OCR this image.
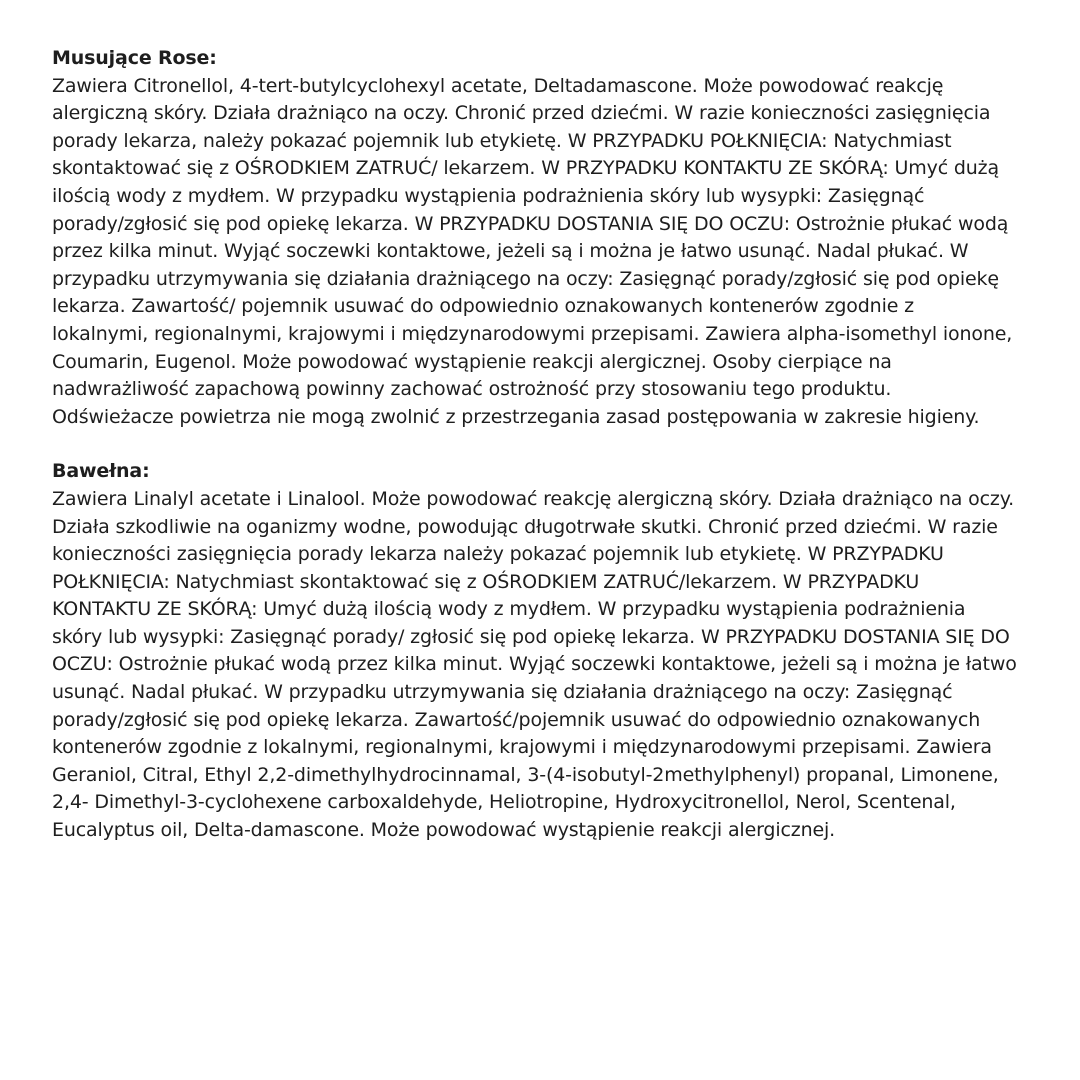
Musujące Rose:

Zawiera Citronellol, 4-tert-butylcyclohexyl acetate, Deltadamascone. Może powodować reakcję
alergiczną skóry. Działa drażniąco na oczy. Chronić przed dziećmi. W razie konieczności zasięgnięcia
porady lekarza, należy pokazać pojemnik lub etykietę. W PRZYPADKU POŁKNIĘCIA: Natychmiast
skontaktować się z OŚRODKIEM ZATRUĆ/ lekarzem. W PRZYPADKU KONTAKTU ZE SKÓRĄ: Umyć dużą
ilością wody z mydłem. W przypadku wystąpienia podrażnienia skóry lub wysypki: Zasięgnąć
porady/zgłosić się pod opiekę lekarza. W PRZYPADKU DOSTANIA SIĘ DO OCZU: Ostrożnie płukać wodą
przez kilka minut. Wyjąć soczewki kontaktowe, jeżeli są i można je łatwo usunąć. Nadal płukać. W
przypadku utrzymywania się działania drażniącego na oczy: Zasięgnąć porady/zgłosić się pod opiekę
lekarza. Zawartość/ pojemnik usuwać do odpowiednio oznakowanych kontenerów zgodnie z
lokalnymi, regionalnymi, krajowymi i międzynarodowymi przepisami. Zawiera alpha-isomethyl ionone,
Coumarin, Eugenol. Może powodować wystąpienie reakcji alergicznej. Osoby cierpiące na
nadwrażliwość zapachową powinny zachować ostrożność przy stosowaniu tego produktu.
Odświeżacze powietrza nie mogą zwolnić z przestrzegania zasad postępowania w zakresie higieny.

Bawełna:

Zawiera Linalyl acetate i Linalool. Może powodować reakcję alergiczną skóry. Działa drażniąco na oczy.
Działa szkodliwie na oganizmy wodne, powodując długotrwałe skutki. Chronić przed dziećmi. W razie
konieczności zasięgnięcia porady lekarza należy pokazać pojemnik lub etykietę. W PRZYPADKU
POŁKNIĘCIA: Natychmiast skontaktować się z OŚRODKIEM ZATRUĆ/lekarzem. W PRZYPADKU
KONTAKTU ZE SKÓRĄ: Umyć dużą ilością wody z mydłem. W przypadku wystąpienia podrażnienia
skóry lub wysypki: Zasięgnąć porady/ zgłosić się pod opiekę lekarza. W PRZYPADKU DOSTANIA SIĘ DO
OCZU: Ostrożnie płukać wodą przez kilka minut. Wyjąć soczewki kontaktowe, jeżeli są i można je łatwo
usunąć. Nadal płukać. W przypadku utrzymywania się działania drażniącego na oczy: Zasięgnąć
porady/zgłosić się pod opiekę lekarza. Zawartość/pojemnik usuwać do odpowiednio oznakowanych
kontenerów zgodnie z lokalnymi, regionalnymi, krajowymi i międzynarodowymi przepisami. Zawiera
Geraniol, Citral, Ethyl 2,2-dimethylhydrocinnamal, 3-(4-isobutyl-2methylphenyl) propanal, Limonene,
2,4- Dimethyl-3-cyclohexene carboxaldehyde, Heliotropine, Hydroxycitronellol, Nerol, Scentenal,
Eucalyptus oil, Delta-damascone. Może powodować wystąpienie reakcji alergicznej.
